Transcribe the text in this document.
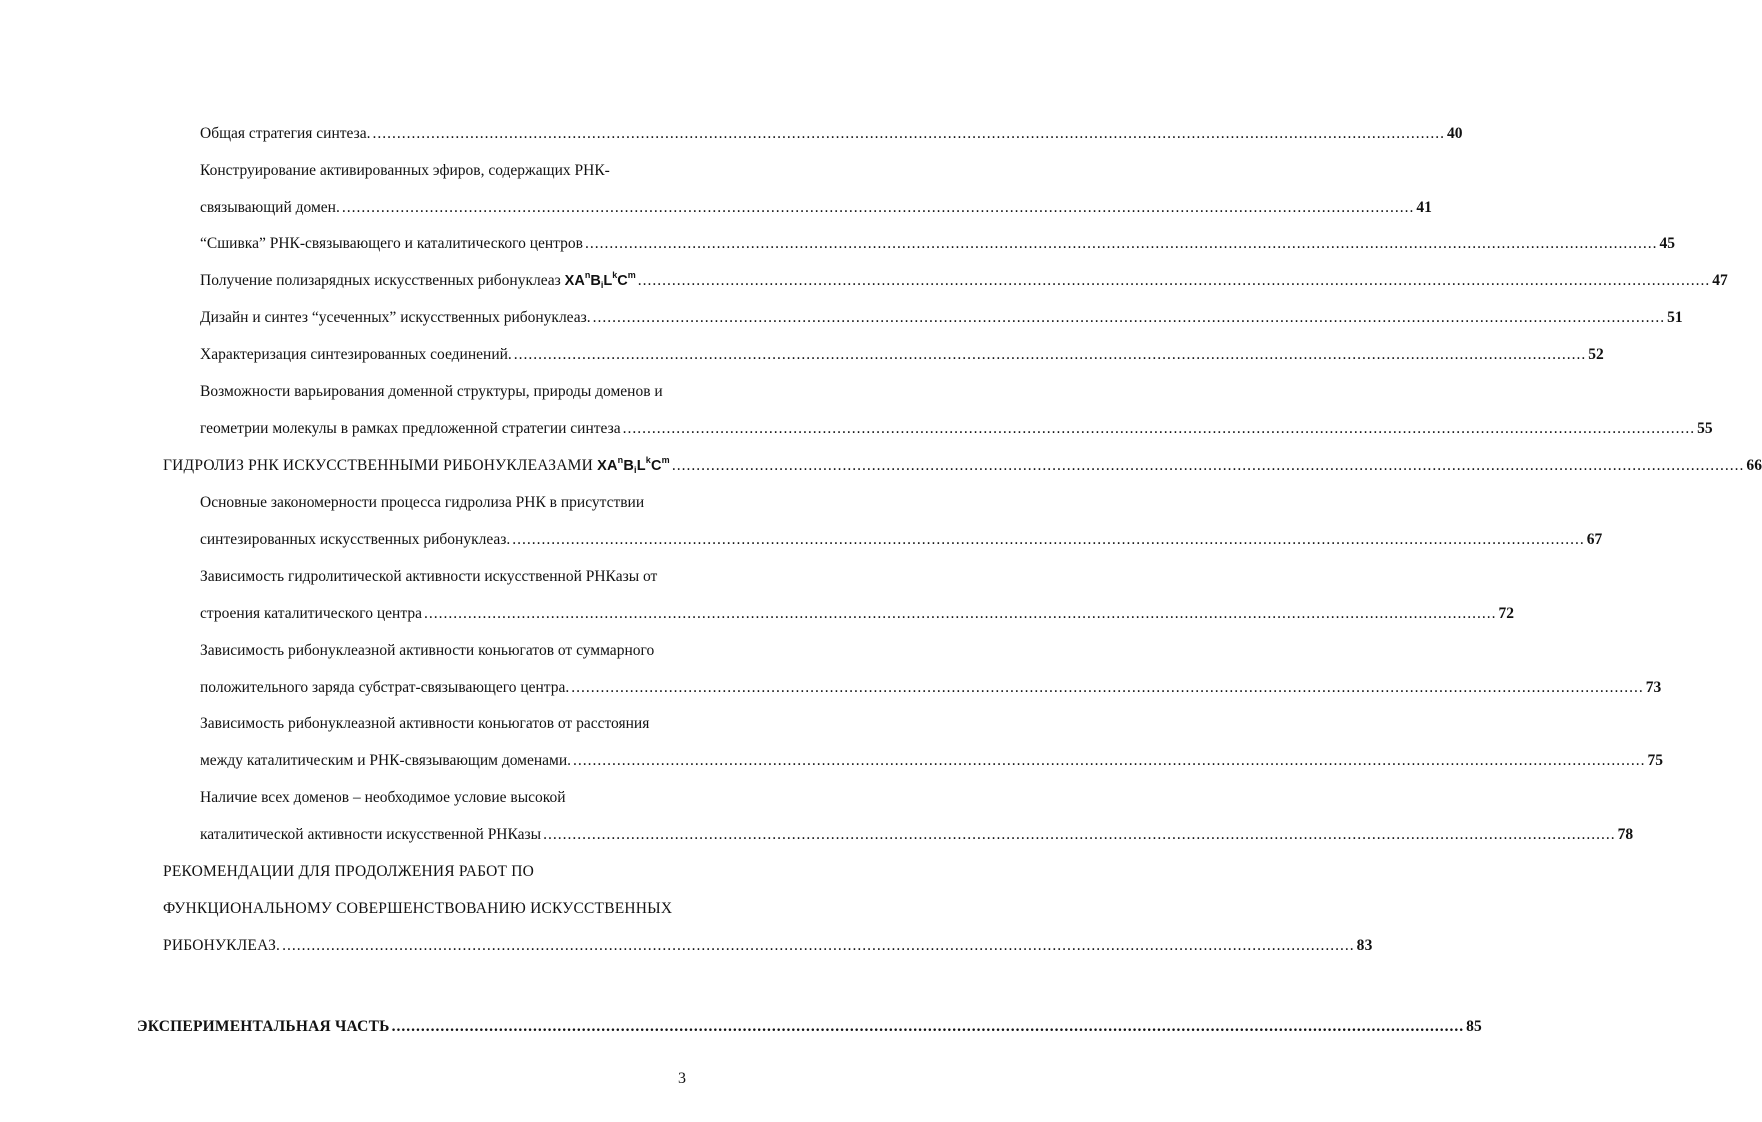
Общая стратегия синтеза. ............................................................................................................................................................................................................................ 40
Конструирование активированных эфиров, содержащих РНК-
связывающий домен. ............................................................................................................................................................................................................................ 41
“Сшивка” РНК-связывающего и каталитического центров ............................................................................................................................................................................................................................ 45
Получение полизарядных искусственных рибонуклеаз $XA^nB_iL^kC^m$ ............................................................................................................................................................................................................................ 47
Дизайн и синтез “усеченных” искусственных рибонуклеаз. ............................................................................................................................................................................................................................ 51
Характеризация синтезированных соединений. ............................................................................................................................................................................................................................ 52
Возможности варьирования доменной структуры, природы доменов и
геометрии молекулы в рамках предложенной стратегии синтеза ............................................................................................................................................................................................................................ 55
ГИДРОЛИЗ РНК ИСКУССТВЕННЫМИ РИБОНУКЛЕАЗАМИ $XA^nB_iL^kC^m$ ............................................................................................................................................................................................................................ 66
Основные закономерности процесса гидролиза РНК в присутствии
синтезированных искусственных рибонуклеаз. ............................................................................................................................................................................................................................ 67
Зависимость гидролитической активности искусственной РНКазы от
строения каталитического центра ............................................................................................................................................................................................................................ 72
Зависимость рибонуклеазной активности коньюгатов от суммарного
положительного заряда субстрат-связывающего центра. ............................................................................................................................................................................................................................ 73
Зависимость рибонуклеазной активности коньюгатов от расстояния
между каталитическим и РНК-связывающим доменами. ............................................................................................................................................................................................................................ 75
Наличие всех доменов – необходимое условие высокой
каталитической активности искусственной РНКазы ............................................................................................................................................................................................................................ 78
РЕКОМЕНДАЦИИ ДЛЯ ПРОДОЛЖЕНИЯ РАБОТ ПО
ФУНКЦИОНАЛЬНОМУ СОВЕРШЕНСТВОВАНИЮ ИСКУССТВЕННЫХ
РИБОНУКЛЕАЗ. ............................................................................................................................................................................................................................ 83
ЭКСПЕРИМЕНТАЛЬНАЯ ЧАСТЬ ............................................................................................................................................................................................................................ 85
3
